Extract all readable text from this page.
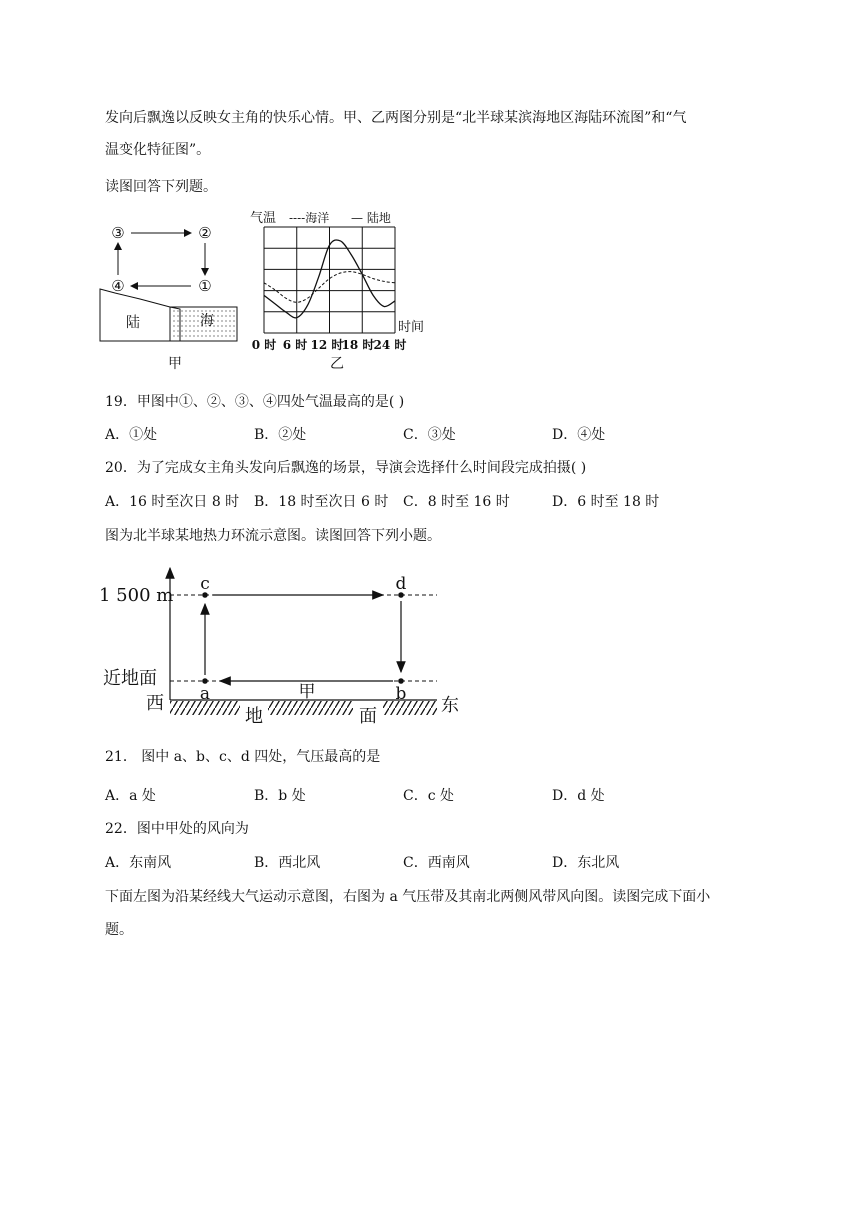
发向后飘逸以反映女主角的快乐心情。甲、乙两图分别是“北半球某滨海地区海陆环流图”和“气
温变化特征图”。
读图回答下列题。
③	②
④	①
陆	海
甲
气温 ----海洋 — 陆地
时间
0 时 6 时 12 时
18 时 24 时
乙
19．甲图中①、②、③、④四处气温最高的是( )
A．①处	B．②处	C．③处	D．④处
20．为了完成女主角头发向后飘逸的场景，导演会选择什么时间段完成拍摄( )
A．16 时至次日 8 时 B．18 时至次日 6 时 C．8 时至 16 时	D．6 时至 18 时
图为北半球某地热力环流示意图。读图回答下列小题。
地	面
1 500 m
近地面
西	东
a	b
c	d
甲
21． 图中 a、b、c、d 四处，气压最高的是
A．a 处	B．b 处	C．c 处	D．d 处
22．图中甲处的风向为
A．东南风	B．西北风	C．西南风	D．东北风
下面左图为沿某经线大气运动示意图，右图为 a 气压带及其南北两侧风带风向图。读图完成下面小
题。
